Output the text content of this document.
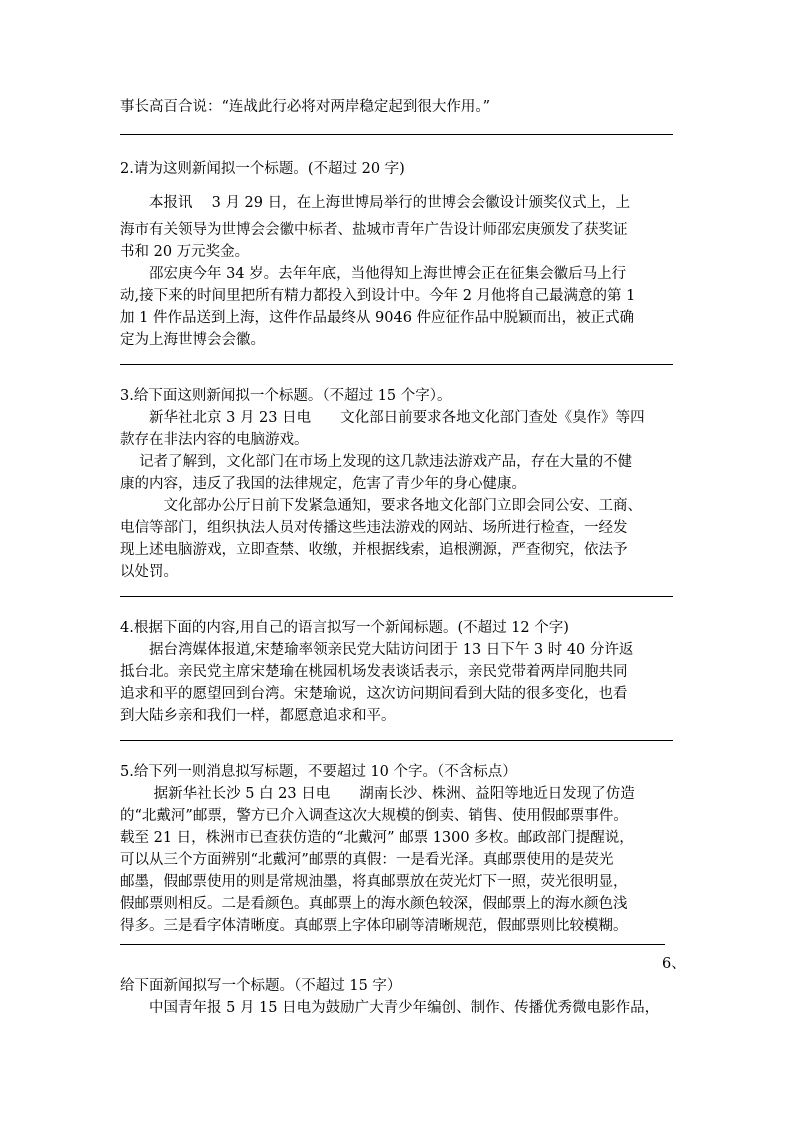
事长高百合说：“连战此行必将对两岸稳定起到很大作用。”
2.请为这则新闻拟一个标题。(不超过 20 字)
　　本报讯　 3 月 29 日，在上海世博局举行的世博会会徽设计颁奖仪式上，上
海市有关领导为世博会会徽中标者、盐城市青年广告设计师邵宏庚颁发了获奖证
书和 20 万元奖金。
　　邵宏庚今年 34 岁。去年年底，当他得知上海世博会正在征集会徽后马上行
动,接下来的时间里把所有精力都投入到设计中。今年 2 月他将自己最满意的第 1
加 1 件作品送到上海，这件作品最终从 9046 件应征作品中脱颖而出，被正式确
定为上海世博会会徽。
3.给下面这则新闻拟一个标题。（不超过 15 个字）。
　　新华社北京 3 月 23 日电　　文化部日前要求各地文化部门查处《臭作》等四
款存在非法内容的电脑游戏。
　 记者了解到，文化部门在市场上发现的这几款违法游戏产品，存在大量的不健
康的内容，违反了我国的法律规定，危害了青少年的身心健康。
　　　文化部办公厅日前下发紧急通知，要求各地文化部门立即会同公安、工商、
电信等部门，组织执法人员对传播这些违法游戏的网站、场所进行检查，一经发
现上述电脑游戏，立即查禁、收缴，并根据线索，追根溯源，严查彻究，依法予
以处罚。
4.根据下面的内容,用自己的语言拟写一个新闻标题。(不超过 12 个字)
　　据台湾媒体报道,宋楚瑜率领亲民党大陆访问团于 13 日下午 3 时 40 分许返
抵台北。亲民党主席宋楚瑜在桃园机场发表谈话表示，亲民党带着两岸同胞共同
追求和平的愿望回到台湾。宋楚瑜说，这次访问期间看到大陆的很多变化，也看
到大陆乡亲和我们一样，都愿意追求和平。
5.给下列一则消息拟写标题，不要超过 10 个字。（不含标点）
　　 据新华社长沙 5 白 23 日电　　湖南长沙、株洲、益阳等地近日发现了仿造
的“北戴河”邮票，警方已介入调查这次大规模的倒卖、销售、使用假邮票事件。
载至 21 日，株洲市已查获仿造的“北戴河” 邮票 1300 多枚。邮政部门提醒说，
可以从三个方面辨别“北戴河”邮票的真假：一是看光泽。真邮票使用的是荧光
邮墨，假邮票使用的则是常规油墨，将真邮票放在荧光灯下一照，荧光很明显，
假邮票则相反。二是看颜色。真邮票上的海水颜色较深，假邮票上的海水颜色浅
得多。三是看字体清晰度。真邮票上字体印刷等清晰规范，假邮票则比较模糊。
6、
给下面新闻拟写一个标题。（不超过 15 字）
　　中国青年报 5 月 15 日电为鼓励广大青少年编创、制作、传播优秀微电影作品，
